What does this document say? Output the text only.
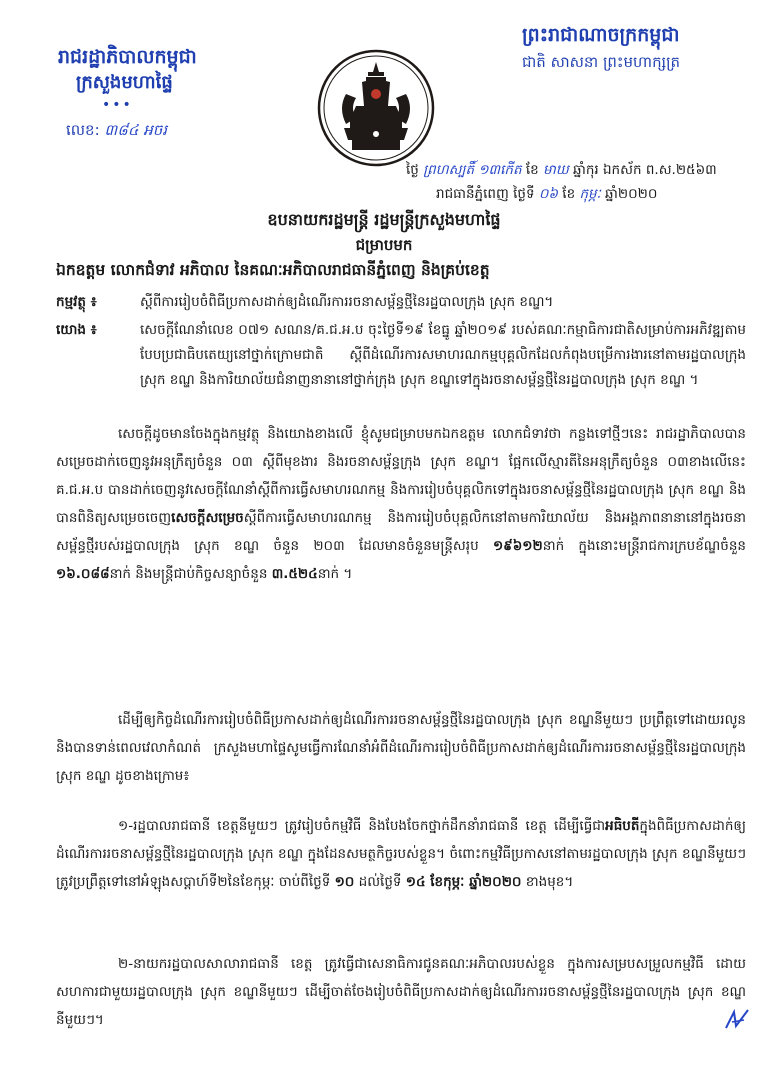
រាជរដ្ឋាភិបាលកម្ពុជា
ក្រសួងមហាផ្ទៃ
•••
លេខ: ៣៨៤ អចរ
ព្រះរាជាណាចក្រកម្ពុជា
ជាតិ សាសនា ព្រះមហាក្សត្រ
ថ្ងៃ ព្រហស្បតិ៍ ១៣កើត ខែ មាឃ ឆ្នាំកុរ ឯកស័ក ព.ស.២៥៦៣
រាជធានីភ្នំពេញ ថ្ងៃទី ០៦ ខែ កុម្ភៈ ឆ្នាំ២០២០
ឧបនាយករដ្ឋមន្ត្រី រដ្ឋមន្ត្រីក្រសួងមហាផ្ទៃ
ជម្រាបមក
ឯកឧត្តម លោកជំទាវ អភិបាល នៃគណៈអភិបាលរាជធានីភ្នំពេញ និងគ្រប់ខេត្ត
កម្មវត្ថុ ៖	ស្តីពីការរៀបចំពិធីប្រកាសដាក់ឲ្យដំណើរការរចនាសម្ព័ន្ធថ្មីនៃរដ្ឋបាលក្រុង ស្រុក ខណ្ឌ។
យោង ៖	សេចក្តីណែនាំលេខ ០៧១ សណន/គ.ជ.អ.ប ចុះថ្ងៃទី១៩ ខែធ្នូ ឆ្នាំ២០១៩ របស់គណៈកម្មាធិការជាតិសម្រាប់ការអភិវឌ្ឍតាមបែបប្រជាធិបតេយ្យនៅថ្នាក់ក្រោមជាតិ ស្តីពីដំណើរការសមាហរណកម្មបុគ្គលិកដែលកំពុងបម្រើការងារនៅតាមរដ្ឋបាលក្រុង ស្រុក ខណ្ឌ និងការិយាល័យជំនាញនានានៅថ្នាក់ក្រុង ស្រុក ខណ្ឌទៅក្នុងរចនាសម្ព័ន្ធថ្មីនៃរដ្ឋបាលក្រុង ស្រុក ខណ្ឌ ។
សេចក្តីដូចមានចែងក្នុងកម្មវត្ថុ និងយោងខាងលើ ខ្ញុំសូមជម្រាបមកឯកឧត្តម លោកជំទាវថា កន្លងទៅថ្មីៗនេះ រាជរដ្ឋាភិបាលបានសម្រេចដាក់ចេញនូវអនុក្រឹត្យចំនួន ០៣ ស្តីពីមុខងារ និងរចនាសម្ព័ន្ធក្រុង ស្រុក ខណ្ឌ។ ផ្អែកលើស្មារតីនៃអនុក្រឹត្យចំនួន ០៣ខាងលើនេះ គ.ជ.អ.ប បានដាក់ចេញនូវសេចក្តីណែនាំស្តីពីការធ្វើសមាហរណកម្ម និងការរៀបចំបុគ្គលិកទៅក្នុងរចនាសម្ព័ន្ធថ្មីនៃរដ្ឋបាលក្រុង ស្រុក ខណ្ឌ និងបានពិនិត្យសម្រេចចេញសេចក្តីសម្រេចស្តីពីការធ្វើសមាហរណកម្ម និងការរៀបចំបុគ្គលិកនៅតាមការិយាល័យ និងអង្គភាពនានានៅក្នុងរចនាសម្ព័ន្ធថ្មីរបស់រដ្ឋបាលក្រុង ស្រុក ខណ្ឌ ចំនួន ២០៣ ដែលមានចំនួនមន្ត្រីសរុប ១៩៦១២នាក់ ក្នុងនោះមន្ត្រីរាជការក្របខ័ណ្ឌចំនួន ១៦.០៨៨នាក់ និងមន្ត្រីជាប់កិច្ចសន្យាចំនួន ៣.៥២៤នាក់ ។
ដើម្បីឲ្យកិច្ចដំណើរការរៀបចំពិធីប្រកាសដាក់ឲ្យដំណើរការរចនាសម្ព័ន្ធថ្មីនៃរដ្ឋបាលក្រុង ស្រុក ខណ្ឌនីមួយៗ ប្រព្រឹត្តទៅដោយរលូន និងបានទាន់ពេលវេលាកំណត់ ក្រសួងមហាផ្ទៃសូមធ្វើការណែនាំអំពីដំណើរការរៀបចំពិធីប្រកាសដាក់ឲ្យដំណើរការរចនាសម្ព័ន្ធថ្មីនៃរដ្ឋបាលក្រុង ស្រុក ខណ្ឌ ដូចខាងក្រោម៖
១-រដ្ឋបាលរាជធានី ខេត្តនីមួយៗ ត្រូវរៀបចំកម្មវិធី និងបែងចែកថ្នាក់ដឹកនាំរាជធានី ខេត្ត ដើម្បីធ្វើជាអធិបតីក្នុងពិធីប្រកាសដាក់ឲ្យដំណើរការរចនាសម្ព័ន្ធថ្មីនៃរដ្ឋបាលក្រុង ស្រុក ខណ្ឌ ក្នុងដែនសមត្ថកិច្ចរបស់ខ្លួន។ ចំពោះកម្មវិធីប្រកាសនៅតាមរដ្ឋបាលក្រុង ស្រុក ខណ្ឌនីមួយៗ ត្រូវប្រព្រឹត្តទៅនៅអំឡុងសប្តាហ៍ទី២នៃខែកុម្ភៈ ចាប់ពីថ្ងៃទី ១០ ដល់ថ្ងៃទី ១៤ ខែកុម្ភៈ ឆ្នាំ២០២០ ខាងមុខ។
២-នាយករដ្ឋបាលសាលារាជធានី ខេត្ត ត្រូវធ្វើជាសេនាធិការជូនគណៈអភិបាលរបស់ខ្លួន ក្នុងការសម្របសម្រួលកម្មវិធី ដោយសហការជាមួយរដ្ឋបាលក្រុង ស្រុក ខណ្ឌនីមួយៗ ដើម្បីចាត់ចែងរៀបចំពិធីប្រកាសដាក់ឲ្យដំណើរការរចនាសម្ព័ន្ធថ្មីនៃរដ្ឋបាលក្រុង ស្រុក ខណ្ឌនីមួយៗ។
